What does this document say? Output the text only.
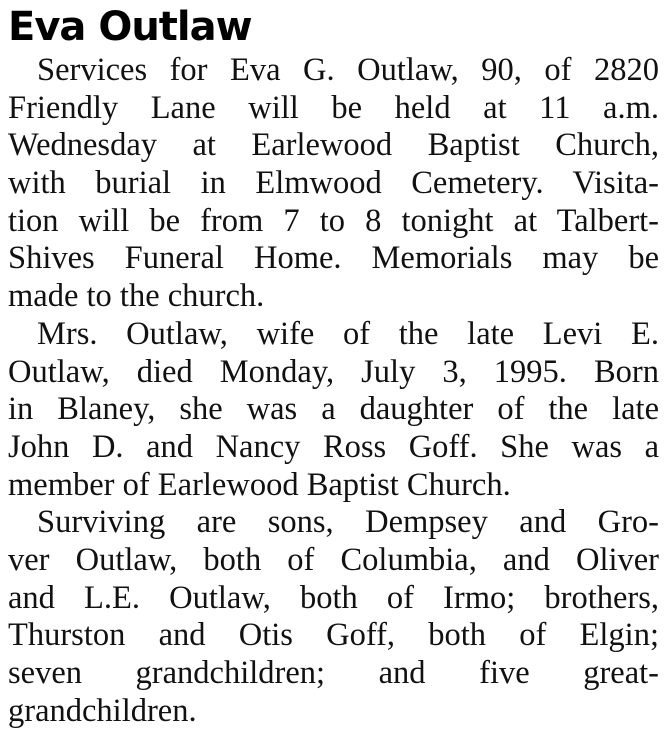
Eva Outlaw
Services for Eva G. Outlaw, 90, of 2820
Friendly Lane will be held at 11 a.m.
Wednesday at Earlewood Baptist Church,
with burial in Elmwood Cemetery. Visita-
tion will be from 7 to 8 tonight at Talbert-
Shives Funeral Home. Memorials may be
made to the church.
Mrs. Outlaw, wife of the late Levi E.
Outlaw, died Monday, July 3, 1995. Born
in Blaney, she was a daughter of the late
John D. and Nancy Ross Goff. She was a
member of Earlewood Baptist Church.
Surviving are sons, Dempsey and Gro-
ver Outlaw, both of Columbia, and Oliver
and L.E. Outlaw, both of Irmo; brothers,
Thurston and Otis Goff, both of Elgin;
seven grandchildren; and five great-
grandchildren.
